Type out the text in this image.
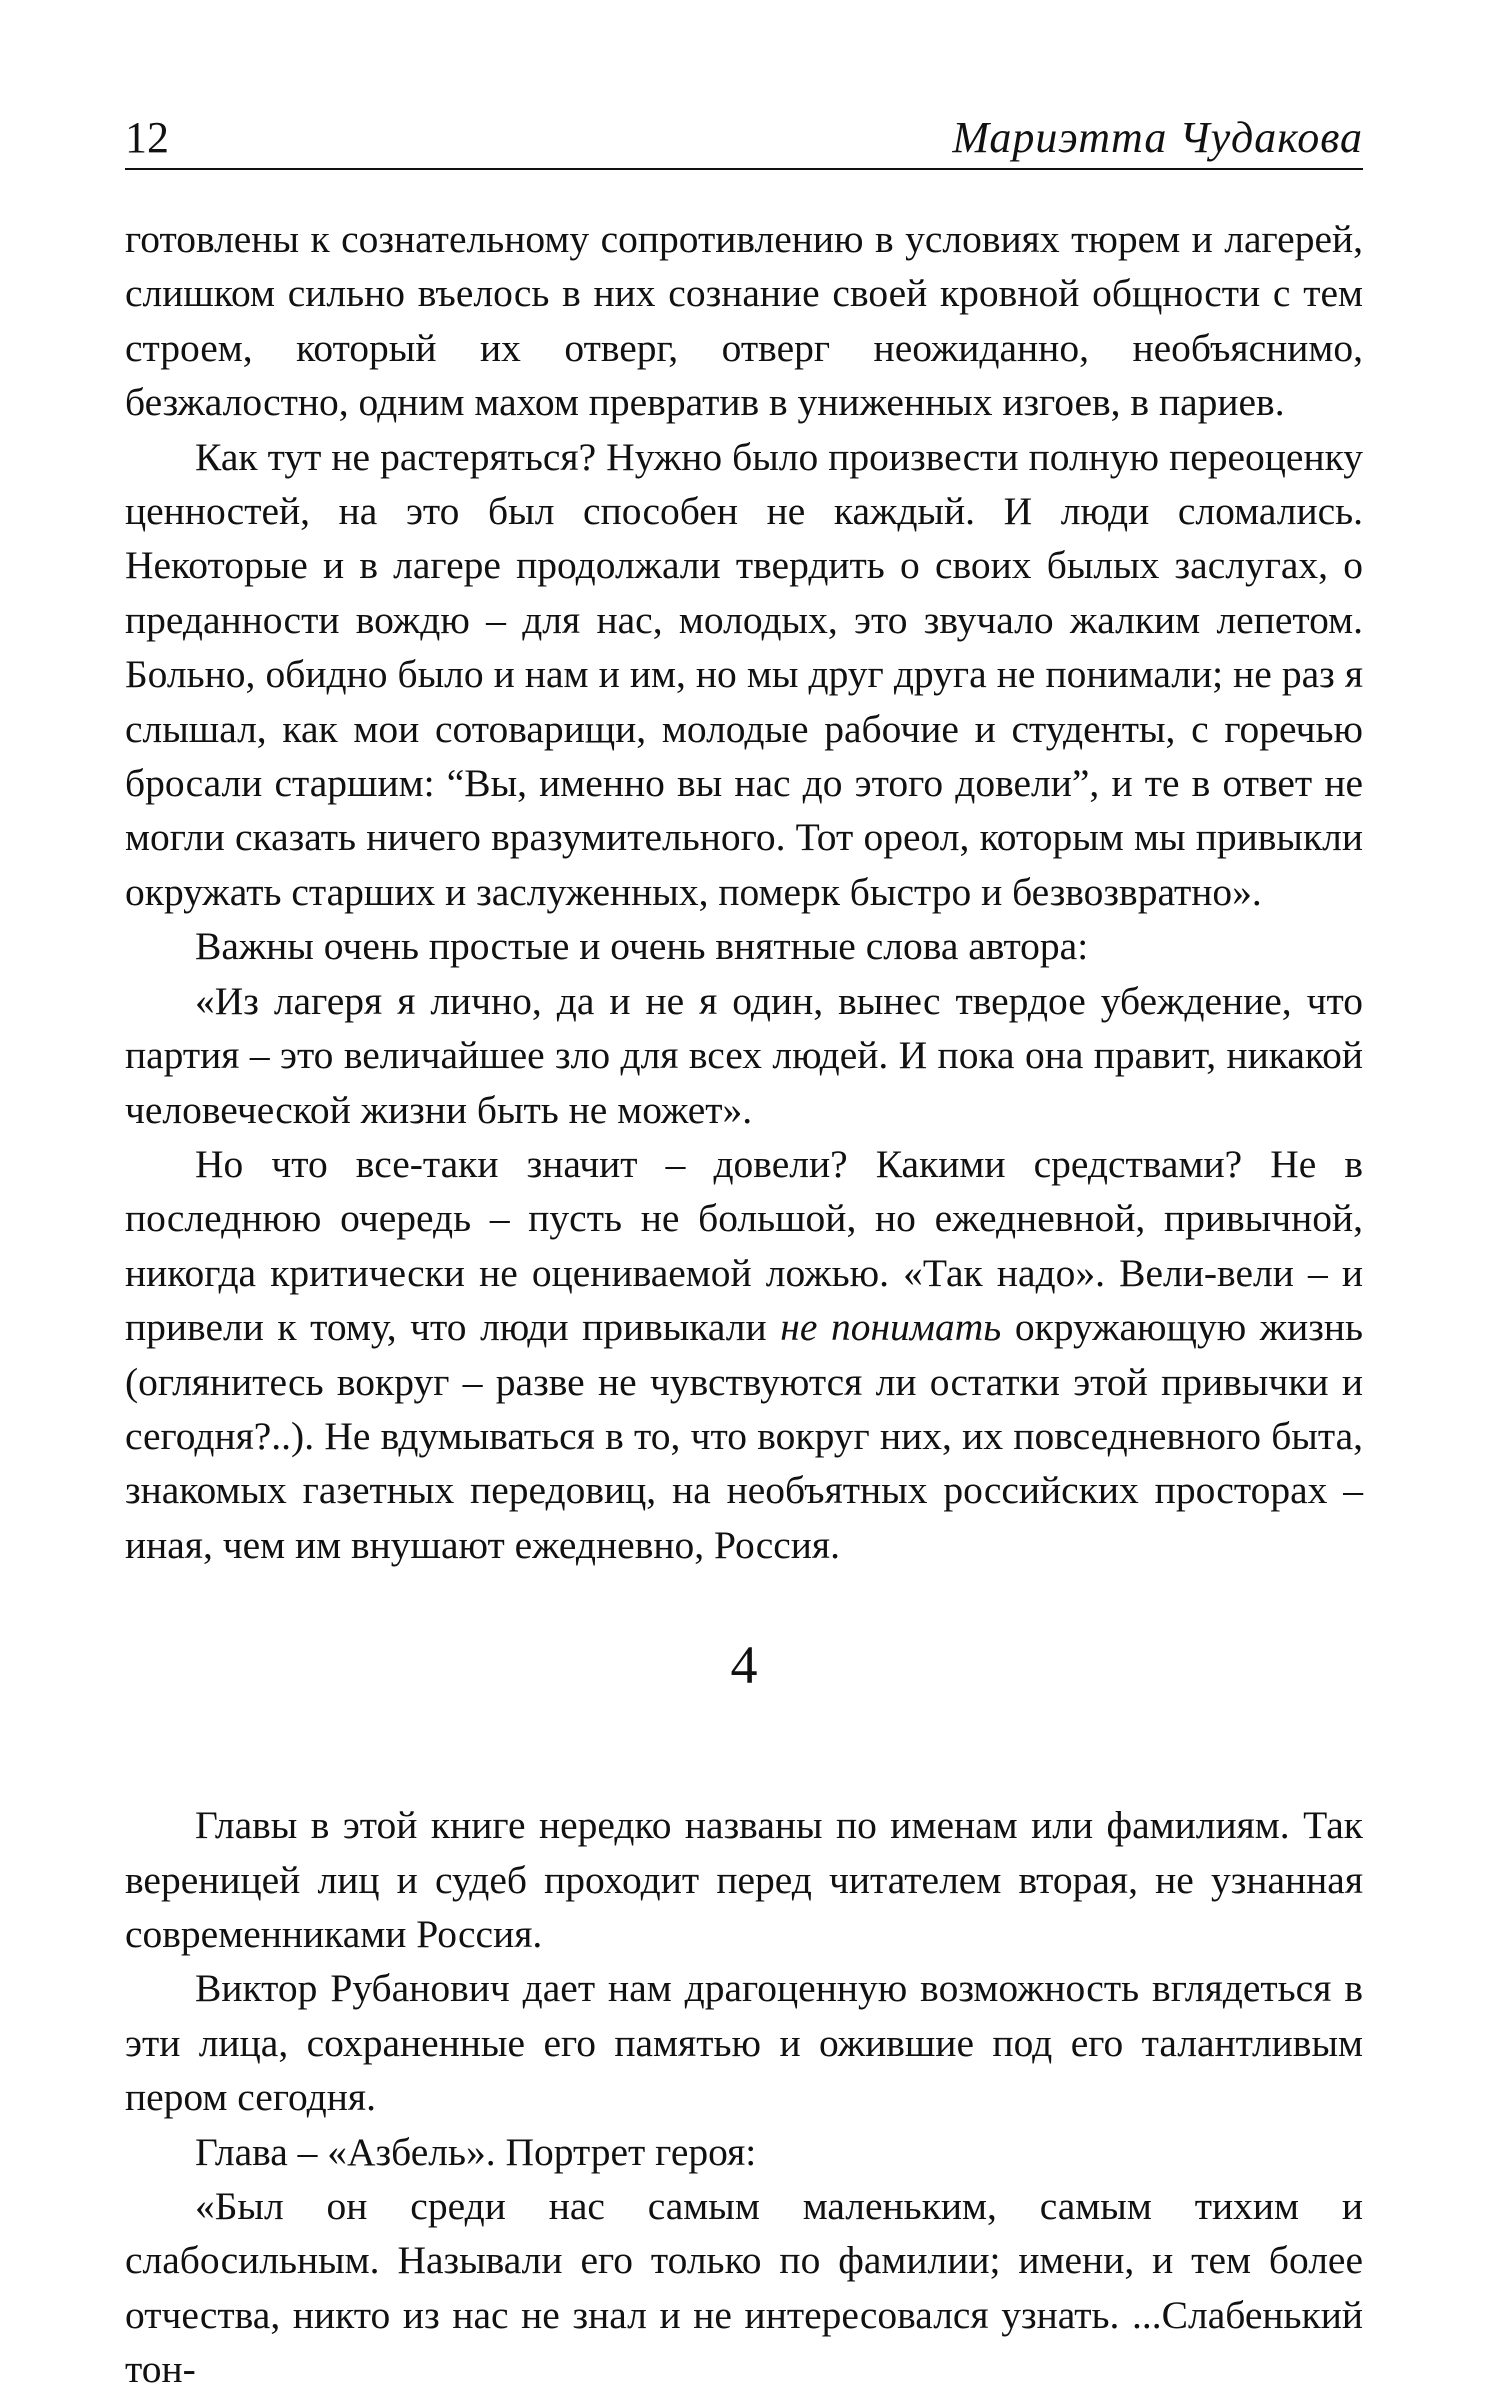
12	Мариэтта Чудакова

готовлены к сознательному сопротивлению в условиях тюрем и лагерей, слишком сильно въелось в них сознание своей кровной общности с тем строем, который их отверг, отверг неожиданно, необъяснимо, безжалостно, одним махом превратив в униженных изгоев, в париев.

Как тут не растеряться? Нужно было произвести полную переоценку ценностей, на это был способен не каждый. И люди сломались. Некоторые и в лагере продолжали твердить о своих былых заслугах, о преданности вождю – для нас, молодых, это звучало жалким лепетом. Больно, обидно было и нам и им, но мы друг друга не понимали; не раз я слышал, как мои сотоварищи, молодые рабочие и студенты, с горечью бросали старшим: “Вы, именно вы нас до этого довели”, и те в ответ не могли сказать ничего вразумительного. Тот ореол, которым мы привыкли окружать старших и заслуженных, померк быстро и безвозвратно».

Важны очень простые и очень внятные слова автора:

«Из лагеря я лично, да и не я один, вынес твердое убеждение, что партия – это величайшее зло для всех людей. И пока она правит, никакой человеческой жизни быть не может».

Но что все-таки значит – довели? Какими средствами? Не в последнюю очередь – пусть не большой, но ежедневной, привычной, никогда критически не оцениваемой ложью. «Так надо». Вели-вели – и привели к тому, что люди привыкали не понимать окружающую жизнь (оглянитесь вокруг – разве не чувствуются ли остатки этой привычки и сегодня?..). Не вдумываться в то, что вокруг них, их повседневного быта, знакомых газетных передовиц, на необъятных российских просторах – иная, чем им внушают ежедневно, Россия.

4

Главы в этой книге нередко названы по именам или фамилиям. Так вереницей лиц и судеб проходит перед читателем вторая, не узнанная современниками Россия.

Виктор Рубанович дает нам драгоценную возможность вглядеться в эти лица, сохраненные его памятью и ожившие под его талантливым пером сегодня.

Глава – «Азбель». Портрет героя:

«Был он среди нас самым маленьким, самым тихим и слабосильным. Называли его только по фамилии; имени, и тем более отчества, никто из нас не знал и не интересовался узнать. ...Слабенький тон-
